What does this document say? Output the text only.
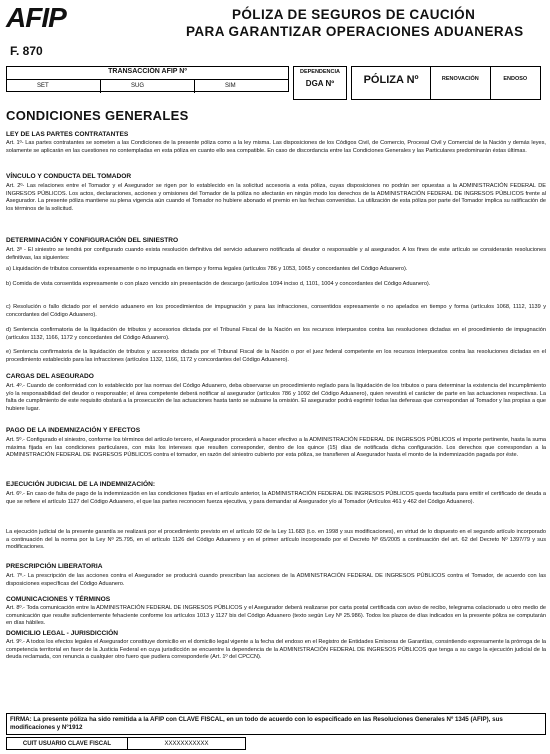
AFIP
F. 870
PÓLIZA DE SEGUROS DE CAUCIÓN
PARA GARANTIZAR OPERACIONES ADUANERAS
TRANSACCIÓN AFIP Nº
SET	SUG	SIM
DEPENDENCIA
DGA Nº	PÓLIZA Nº	RENOVACIÓN	ENDOSO
CONDICIONES GENERALES
LEY DE LAS PARTES CONTRATANTES
Art. 1º- Las partes contratantes se someten a las Condiciones de la presente póliza como a la ley misma. Las disposiciones de los Códigos Civil, de Comercio, Procesal Civil y Comercial de la Nación y demás leyes, solamente se aplicarán en las cuestiones no contempladas en esta póliza en cuanto ello sea compatible. En caso de discordancia entre las Condiciones Generales y las Particulares predominarán éstas últimas.
VÍNCULO Y CONDUCTA DEL TOMADOR
Art. 2º- Las relaciones entre el Tomador y el Asegurador se rigen por lo establecido en la solicitud accesoria a esta póliza, cuyas disposiciones no podrán ser opuestas a la ADMINISTRACIÓN FEDERAL DE INGRESOS PÚBLICOS. Los actos, declaraciones, acciones y omisiones del Tomador de la póliza no afectarán en ningún modo los derechos de la ADMINISTRACIÓN FEDERAL DE INGRESOS PÚBLICOS frente al Asegurador. La presente póliza mantiene su plena vigencia aún cuando el Tomador no hubiere abonado el premio en las fechas convenidas. La utilización de esta póliza por parte del Tomador implica su ratificación de los términos de la solicitud.
DETERMINACIÓN Y CONFIGURACIÓN DEL SINIESTRO
Art. 3º - El siniestro se tendrá por configurado cuando exista resolución definitiva del servicio aduanero notificada al deudor o responsable y al asegurador. A los fines de este artículo se considerarán resoluciones definitivas, las siguientes:
a) Liquidación de tributos consentida expresamente o no impugnada en tiempo y forma legales (artículos 786 y 1053, 1065 y concordantes del Código Aduanero).
b) Comida de vista consentida expresamente o con plazo vencido sin presentación de descargo (artículos 1094 inciso d, 1101, 1004 y concordantes del Código Aduanero).
c) Resolución o fallo dictado por el servicio aduanero en los procedimientos de impugnación y para las infracciones, consentidos expresamente o no apelados en tiempo y forma (artículos 1068, 1112, 1139 y concordantes del Código Aduanero).
d) Sentencia confirmatoria de la liquidación de tributos y accesorios dictada por el Tribunal Fiscal de la Nación en los recursos interpuestos contra las resoluciones dictadas en el procedimiento de impugnación (artículos 1132, 1166, 1172 y concordantes del Código Aduanero).
e) Sentencia confirmatoria de la liquidación de tributos y accesorios dictada por el Tribunal Fiscal de la Nación o por el juez federal competente en los recursos interpuestos contra las resoluciones dictadas en el procedimiento establecido para las infracciones (artículos 1132, 1166, 1172 y concordantes del Código Aduanero).
CARGAS DEL ASEGURADO
Art. 4º.- Cuando de conformidad con lo establecido por las normas del Código Aduanero, deba observarse un procedimiento reglado para la liquidación de los tributos o para determinar la existencia del incumplimiento y/o la responsabilidad del deudor o responsable; el área competente deberá notificar al asegurador (artículos 786 y 1092 del Código Aduanero), quien revestirá el carácter de parte en las actuaciones respectivas. La falta de cumplimiento de este requisito obstará a la prosecución de las actuaciones hasta tanto se subsane la omisión. El asegurador podrá esgrimir todas las defensas que correspondan al Tomador y las propias a que hubiere lugar.
PAGO DE LA INDEMNIZACIÓN Y EFECTOS
Art. 5º.- Configurado el siniestro, conforme los términos del artículo tercero, el Asegurador procederá a hacer efectivo a la ADMINISTRACIÓN FEDERAL DE INGRESOS PÚBLICOS el importe pertinente, hasta la suma máxima fijada en las condiciones particulares, con más los intereses que resulten corresponder, dentro de los quince (15) días de notificada dicha configuración. Los derechos que correspondan a la ADMINISTRACIÓN FEDERAL DE INGRESOS PÚBLICOS contra el tomador, en razón del siniestro cubierto por esta póliza, se transfieren al Asegurador hasta el monto de la indemnización pagada por éste.
EJECUCIÓN JUDICIAL DE LA INDEMNIZACIÓN:
Art. 6º.- En caso de falta de pago de la indemnización en las condiciones fijadas en el artículo anterior, la ADMINISTRACIÓN FEDERAL DE INGRESOS PÚBLICOS queda facultada para emitir el certificado de deuda a que se refiere el artículo 1127 del Código Aduanero, el que las partes reconocen fuerza ejecutiva, y para demandar al Asegurador y/o al Tomador (Artículos 461 y 462 del Código Aduanero).
La ejecución judicial de la presente garantía se realizará por el procedimiento previsto en el artículo 92 de la Ley 11.683 (t.o. en 1998 y sus modificaciones), en virtud de lo dispuesto en el segundo artículo incorporado a continuación del la norma por la Ley Nº 25.795, en el artículo 1126 del Código Aduanero y en el primer artículo incorporado por el Decreto Nº 65/2005 a continuación del art. 62 del Decreto Nº 1397/79 y sus modificaciones.
PRESCRIPCIÓN LIBERATORIA
Art. 7º.- La prescripción de las acciones contra el Asegurador se producirá cuando prescriban las acciones de la ADMINISTRACIÓN FEDERAL DE INGRESOS PÚBLICOS contra el Tomador, de acuerdo con las disposiciones específicas del Código Aduanero.
COMUNICACIONES Y TÉRMINOS
Art. 8º.- Toda comunicación entre la ADMINISTRACIÓN FEDERAL DE INGRESOS PÚBLICOS y el Asegurador deberá realizarse por carta postal certificada con aviso de recibo, telegrama colacionado u otro medio de comunicación que resulte suficientemente fehaciente conforme los artículos 1013 y 1127 bis del Código Aduanero (texto según Ley Nº 25.986). Todos los plazos de días indicados en la presente póliza se computarán en días hábiles.
DOMICILIO LEGAL - JURISDICCIÓN
Art. 9º.- A todos los efectos legales el Asegurador constituye domicilio en el domicilio legal vigente a la fecha del endoso en el Registro de Entidades Emisoras de Garantías, consintiendo expresamente la prórroga de la competencia territorial en favor de la Justicia Federal en cuya jurisdicción se encuentre la dependencia de la ADMINISTRACIÓN FEDERAL DE INGRESOS PÚBLICOS que tenga a su cargo la ejecución judicial de la deuda reclamada, con renuncia a cualquier otro fuero que pudiera corresponderle (Art. 1º del CPCCN).
FIRMA: La presente póliza ha sido remitida a la AFIP con CLAVE FISCAL, en un todo de acuerdo con lo especificado en las Resoluciones Generales Nº 1345 (AFIP), sus modificaciones y Nº1912
CUIT USUARIO CLAVE FISCAL	XXXXXXXXXXX
